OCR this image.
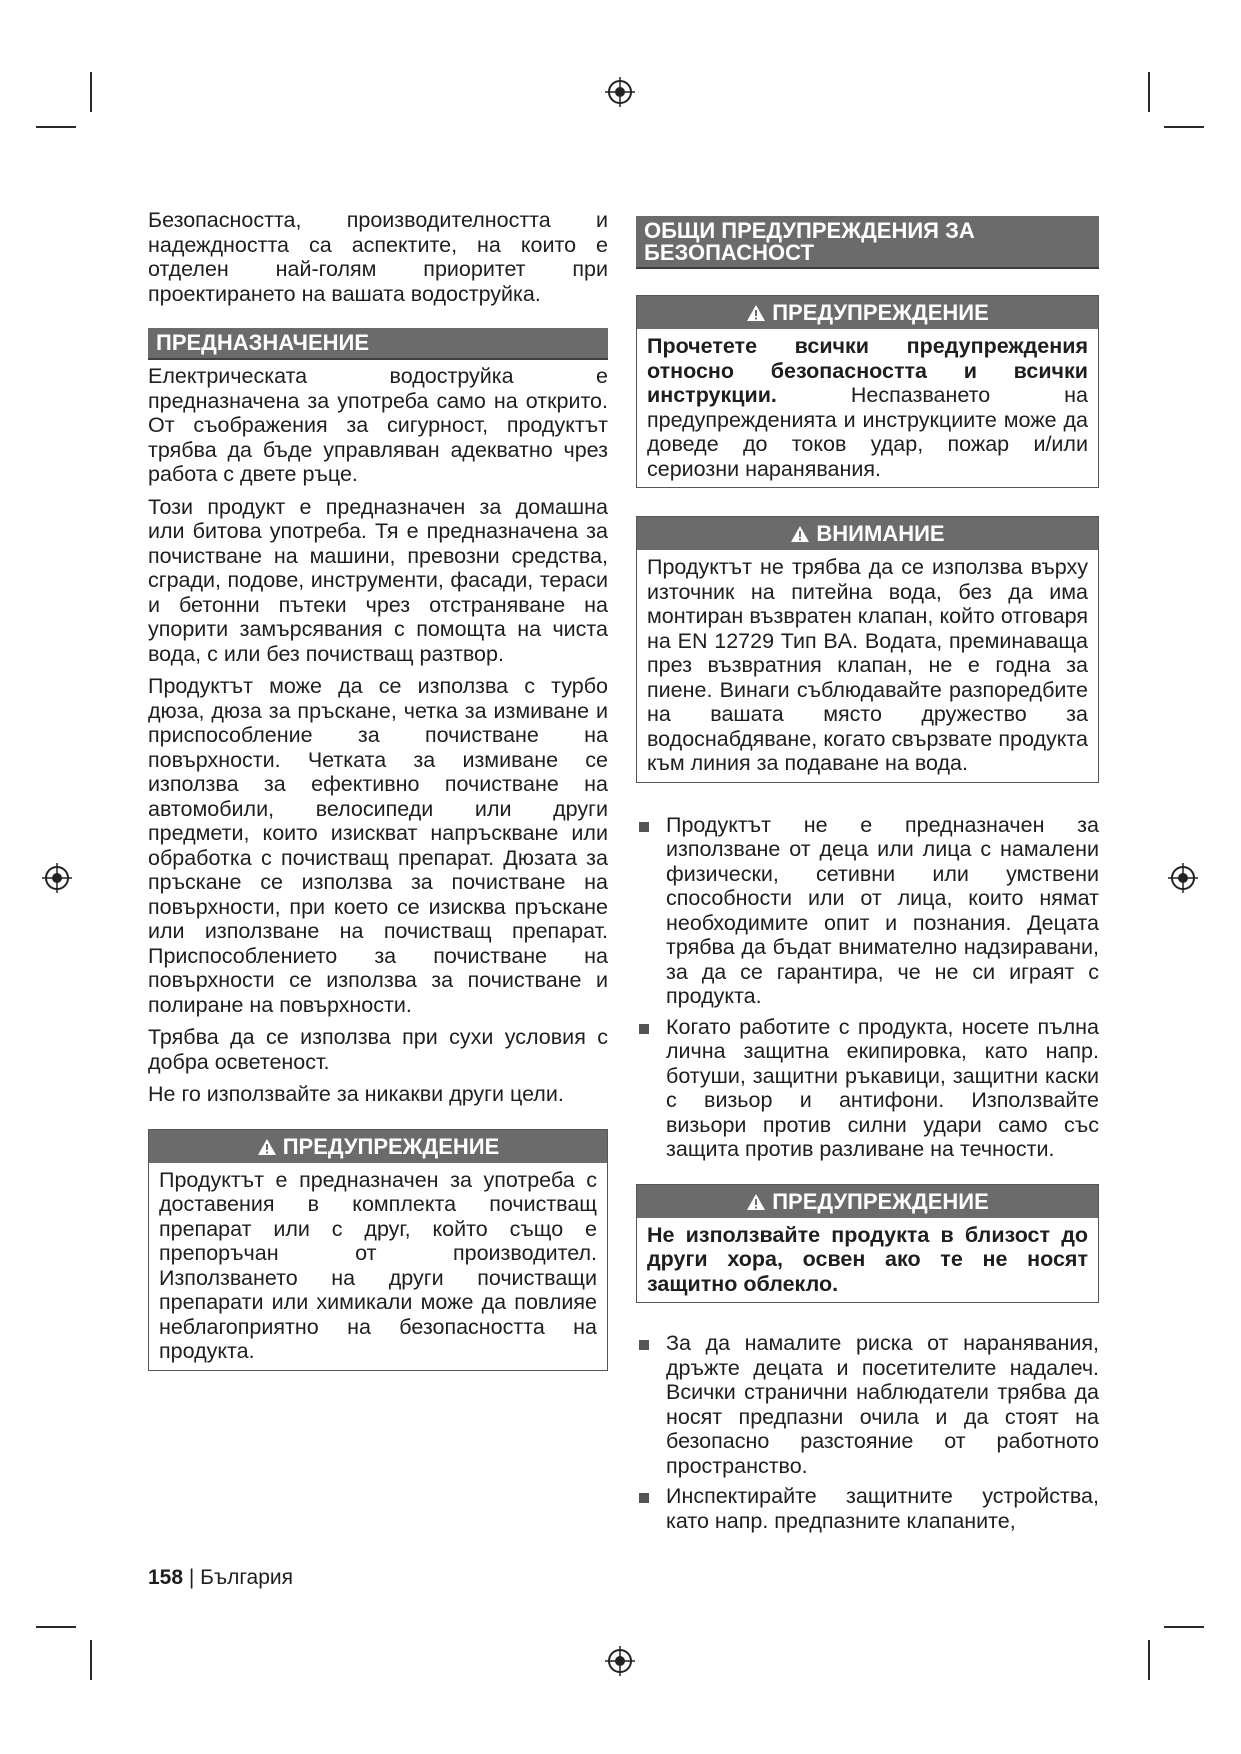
Безопасността, производителността и надеждността са аспектите, на които е отделен най-голям приоритет при проектирането на вашата водоструйка.

ПРЕДНАЗНАЧЕНИЕ

Електрическата водоструйка е предназначена за употреба само на открито. От съображения за сигурност, продуктът трябва да бъде управляван адекватно чрез работа с двете ръце.

Този продукт е предназначен за домашна или битова употреба. Тя е предназначена за почистване на машини, превозни средства, сгради, подове, инструменти, фасади, тераси и бетонни пътеки чрез отстраняване на упорити замърсявания с помощта на чиста вода, с или без почистващ разтвор.

Продуктът може да се използва с турбо дюза, дюза за пръскане, четка за измиване и приспособление за почистване на повърхности. Четката за измиване се използва за ефективно почистване на автомобили, велосипеди или други предмети, които изискват напръскване или обработка с почистващ препарат. Дюзата за пръскане се използва за почистване на повърхности, при което се изисква пръскане или използване на почистващ препарат. Приспособлението за почистване на повърхности се използва за почистване и полиране на повърхности.

Трябва да се използва при сухи условия с добра осветеност.

Не го използвайте за никакви други цели.

ПРЕДУПРЕЖДЕНИЕ
Продуктът е предназначен за употреба с доставения в комплекта почистващ препарат или с друг, който също е препоръчан от производител. Използването на други почистващи препарати или химикали може да повлияе неблагоприятно на безопасността на продукта.
ОБЩИ ПРЕДУПРЕЖДЕНИЯ ЗА БЕЗОПАСНОСТ
ПРЕДУПРЕЖДЕНИЕ
Прочетете всички предупреждения относно безопасността и всички инструкции. Неспазването на предупрежденията и инструкциите може да доведе до токов удар, пожар и/или сериозни наранявания.
ВНИМАНИЕ
Продуктът не трябва да се използва върху източник на питейна вода, без да има монтиран възвратен клапан, който отговаря на EN 12729 Тип BA. Водата, преминаваща през възвратния клапан, не е годна за пиене. Винаги съблюдавайте разпоредбите на вашата място дружество за водоснабдяване, когато свързвате продукта към линия за подаване на вода.
Продуктът не е предназначен за използване от деца или лица с намалени физически, сетивни или умствени способности или от лица, които нямат необходимите опит и познания. Децата трябва да бъдат внимателно надзиравани, за да се гарантира, че не си играят с продукта.
Когато работите с продукта, носете пълна лична защитна екипировка, като напр. ботуши, защитни ръкавици, защитни каски с визьор и антифони. Използвайте визьори против силни удари само със защита против разливане на течности.
ПРЕДУПРЕЖДЕНИЕ
Не използвайте продукта в близост до други хора, освен ако те не носят защитно облекло.
За да намалите риска от наранявания, дръжте децата и посетителите надалеч. Всички странични наблюдатели трябва да носят предпазни очила и да стоят на безопасно разстояние от работното пространство.
Инспектирайте защитните устройства, като напр. предпазните клапаните,
158 | България
